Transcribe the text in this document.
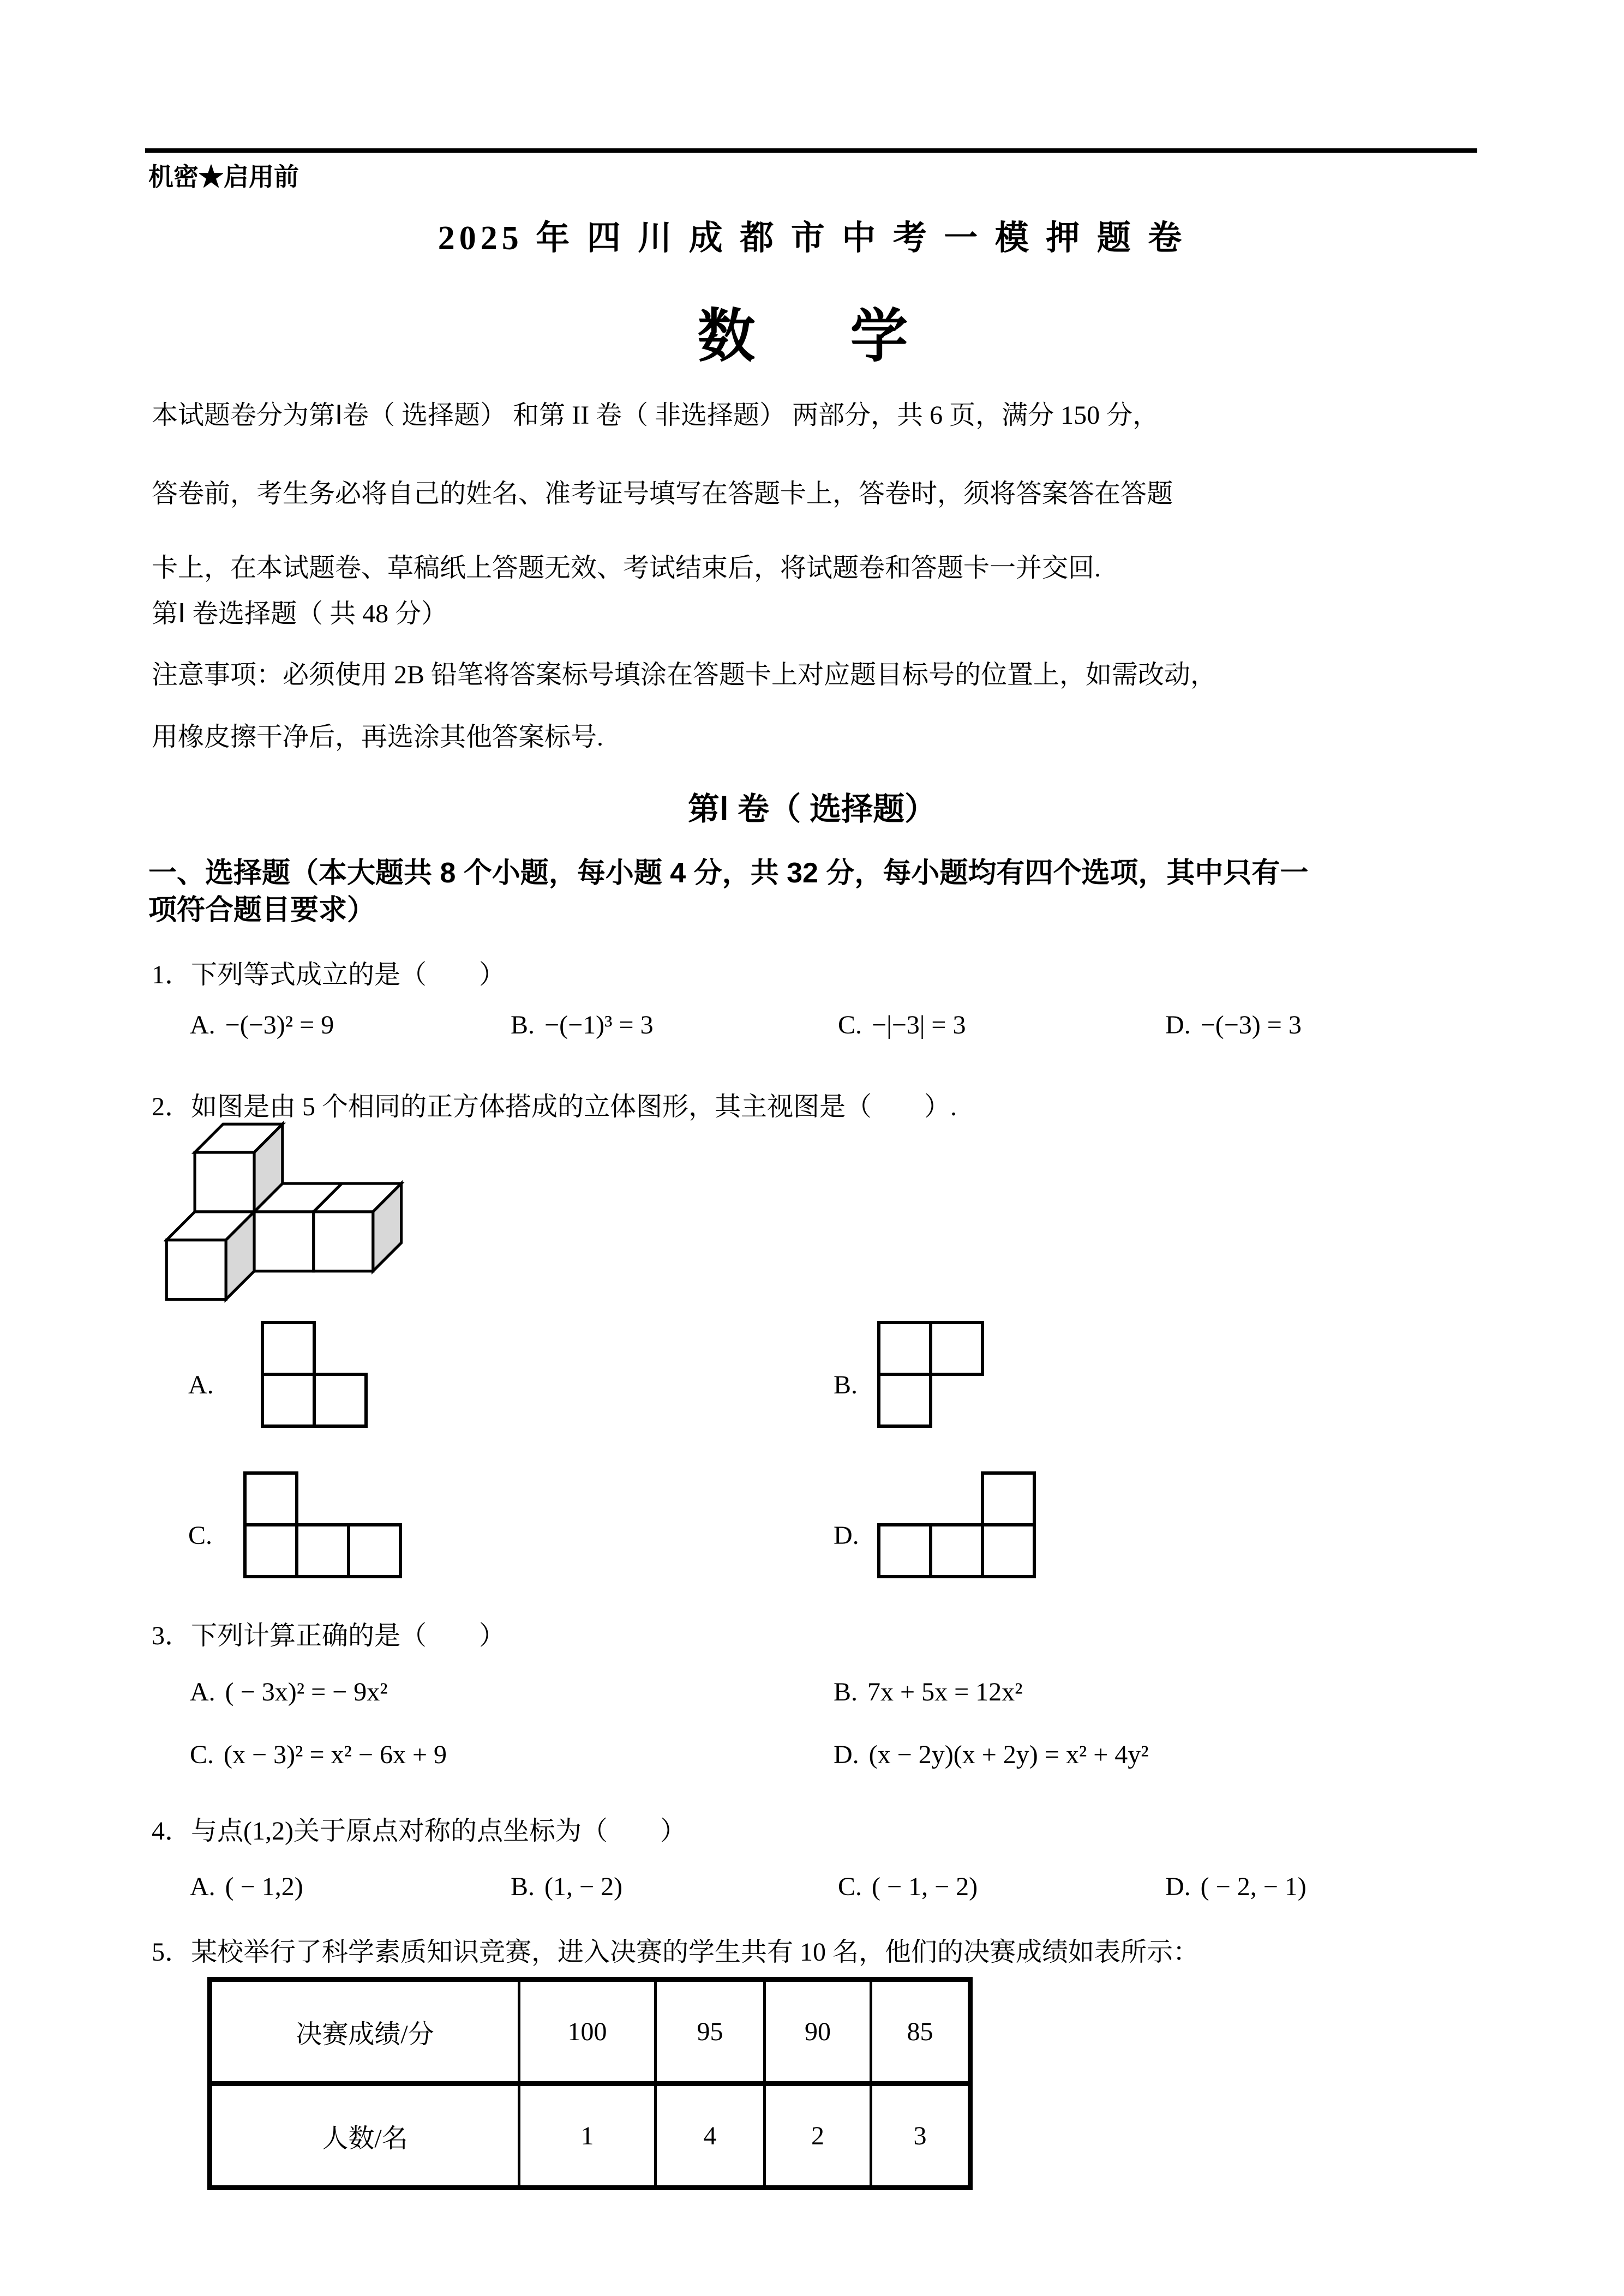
机密★启用前
2025 年 四 川 成 都 市 中 考 一 模 押 题 卷
数　学
本试题卷分为第Ⅰ卷（ 选择题） 和第 II 卷（ 非选择题） 两部分，共 6 页，满分 150 分，
答卷前，考生务必将自己的姓名、准考证号填写在答题卡上，答卷时，须将答案答在答题
卡上，在本试题卷、草稿纸上答题无效、考试结束后，将试题卷和答题卡一并交回.
第Ⅰ 卷选择题（ 共 48 分）
注意事项：必须使用 2B 铅笔将答案标号填涂在答题卡上对应题目标号的位置上，如需改动，
用橡皮擦干净后，再选涂其他答案标号.
第Ⅰ 卷（ 选择题）
一、选择题（本大题共 8 个小题，每小题 4 分，共 32 分，每小题均有四个选项，其中只有一
项符合题目要求）
1．下列等式成立的是（　　）
A. −(−3)² = 9	B. −(−1)³ = 3	C. −|−3| = 3	D. −(−3) = 3
2．如图是由 5 个相同的正方体搭成的立体图形，其主视图是（　　）.
A.	B.
C.	D.
3．下列计算正确的是（　　）
A. ( − 3x)² = − 9x²	B. 7x + 5x = 12x²
C. (x − 3)² = x² − 6x + 9	D. (x − 2y)(x + 2y) = x² + 4y²
4．与点(1,2)关于原点对称的点坐标为（　　）
A. ( − 1,2)	B. (1, − 2)	C. ( − 1, − 2)	D. ( − 2, − 1)
5．某校举行了科学素质知识竞赛，进入决赛的学生共有 10 名，他们的决赛成绩如表所示：
决赛成绩/分	100	95	90	85
人数/名	1	4	2	3
